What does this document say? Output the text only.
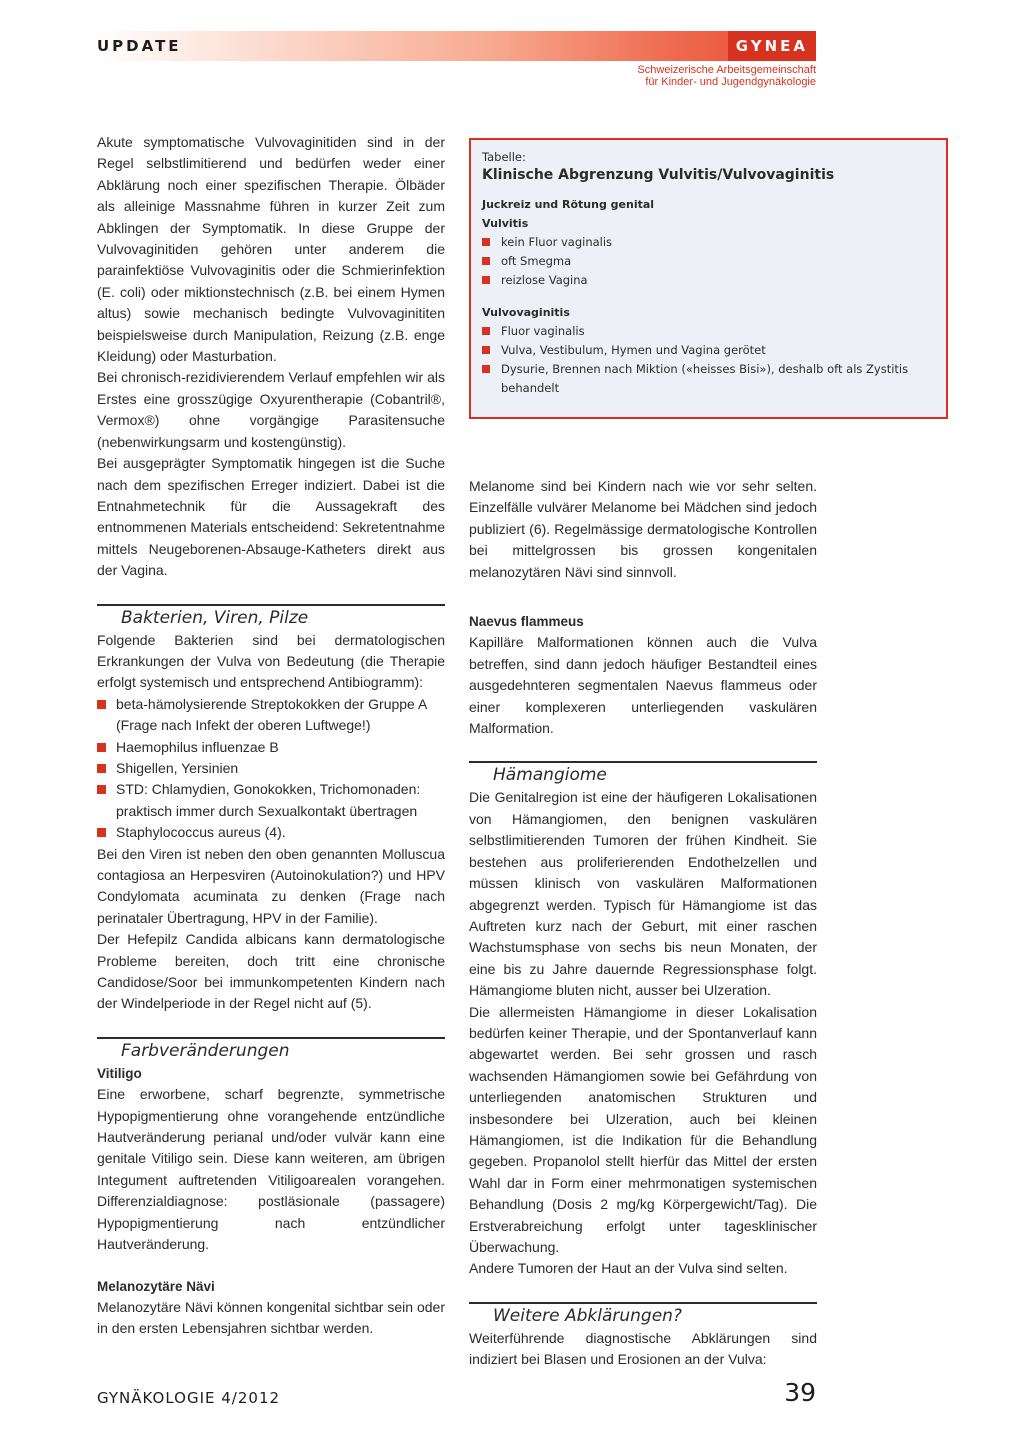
UPDATE	GYNEA
Schweizerische Arbeitsgemeinschaft
für Kinder- und Jugendgynäkologie

Akute symptomatische Vulvovaginitiden sind in der Regel selbstlimitierend und bedürfen weder einer Abklärung noch einer spezifischen Therapie. Ölbäder als alleinige Massnahme führen in kurzer Zeit zum Abklingen der Symptomatik. In diese Gruppe der Vulvovaginitiden gehören unter anderem die parainfektiöse Vulvovaginitis oder die Schmierinfektion (E. coli) oder miktionstechnisch (z.B. bei einem Hymen altus) sowie mechanisch bedingte Vulvovaginititen beispielsweise durch Manipulation, Reizung (z.B. enge Kleidung) oder Masturbation.

Bei chronisch-rezidivierendem Verlauf empfehlen wir als Erstes eine grosszügige Oxyurentherapie (Cobantril®, Vermox®) ohne vorgängige Parasitensuche (nebenwirkungsarm und kostengünstig).

Bei ausgeprägter Symptomatik hingegen ist die Suche nach dem spezifischen Erreger indiziert. Dabei ist die Entnahmetechnik für die Aussagekraft des entnommenen Materials entscheidend: Sekretentnahme mittels Neugeborenen-Absauge-Katheters direkt aus der Vagina.

Bakterien, Viren, Pilze

Folgende Bakterien sind bei dermatologischen Erkrankungen der Vulva von Bedeutung (die Therapie erfolgt systemisch und entsprechend Antibiogramm):

beta-hämolysierende Streptokokken der Gruppe A (Frage nach Infekt der oberen Luftwege!)
Haemophilus influenzae B
Shigellen, Yersinien
STD: Chlamydien, Gonokokken, Trichomonaden: praktisch immer durch Sexualkontakt übertragen
Staphylococcus aureus (4).

Bei den Viren ist neben den oben genannten Molluscua contagiosa an Herpesviren (Autoinokulation?) und HPV Condylomata acuminata zu denken (Frage nach perinataler Übertragung, HPV in der Familie).

Der Hefepilz Candida albicans kann dermatologische Probleme bereiten, doch tritt eine chronische Candidose/Soor bei immunkompetenten Kindern nach der Windelperiode in der Regel nicht auf (5).

Farbveränderungen
Vitiligo

Eine erworbene, scharf begrenzte, symmetrische Hypopigmentierung ohne vorangehende entzündliche Hautveränderung perianal und/oder vulvär kann eine genitale Vitiligo sein. Diese kann weiteren, am übrigen Integument auftretenden Vitiligoarealen vorangehen. Differenzialdiagnose: postläsionale (passagere) Hypopigmentierung nach entzündlicher Hautveränderung.

Melanozytäre Nävi

Melanozytäre Nävi können kongenital sichtbar sein oder in den ersten Lebensjahren sichtbar werden.

Tabelle:
Klinische Abgrenzung Vulvitis/Vulvovaginitis
Juckreiz und Rötung genital
Vulvitis
kein Fluor vaginalis
oft Smegma
reizlose Vagina
Vulvovaginitis
Fluor vaginalis
Vulva, Vestibulum, Hymen und Vagina gerötet
Dysurie, Brennen nach Miktion («heisses Bisi»), deshalb oft als Zystitis behandelt

Melanome sind bei Kindern nach wie vor sehr selten. Einzelfälle vulvärer Melanome bei Mädchen sind jedoch publiziert (6). Regelmässige dermatologische Kontrollen bei mittelgrossen bis grossen kongenitalen melanozytären Nävi sind sinnvoll.

Naevus flammeus

Kapilläre Malformationen können auch die Vulva betreffen, sind dann jedoch häufiger Bestandteil eines ausgedehnteren segmentalen Naevus flammeus oder einer komplexeren unterliegenden vaskulären Malformation.

Hämangiome

Die Genitalregion ist eine der häufigeren Lokalisationen von Hämangiomen, den benignen vaskulären selbstlimitierenden Tumoren der frühen Kindheit. Sie bestehen aus proliferierenden Endothelzellen und müssen klinisch von vaskulären Malformationen abgegrenzt werden. Typisch für Hämangiome ist das Auftreten kurz nach der Geburt, mit einer raschen Wachstumsphase von sechs bis neun Monaten, der eine bis zu Jahre dauernde Regressionsphase folgt. Hämangiome bluten nicht, ausser bei Ulzeration.

Die allermeisten Hämangiome in dieser Lokalisation bedürfen keiner Therapie, und der Spontanverlauf kann abgewartet werden. Bei sehr grossen und rasch wachsenden Hämangiomen sowie bei Gefährdung von unterliegenden anatomischen Strukturen und insbesondere bei Ulzeration, auch bei kleinen Hämangiomen, ist die Indikation für die Behandlung gegeben. Propanolol stellt hierfür das Mittel der ersten Wahl dar in Form einer mehrmonatigen systemischen Behandlung (Dosis 2 mg/kg Körpergewicht/Tag). Die Erstverabreichung erfolgt unter tagesklinischer Überwachung.

Andere Tumoren der Haut an der Vulva sind selten.

Weitere Abklärungen?

Weiterführende diagnostische Abklärungen sind indiziert bei Blasen und Erosionen an der Vulva:

GYNÄKOLOGIE 4/2012	39
